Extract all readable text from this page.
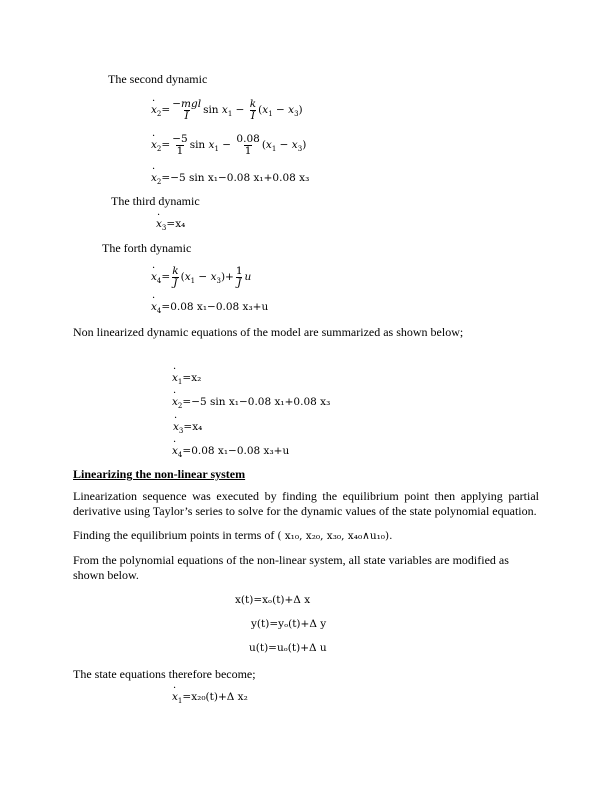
The second dynamic
· $x_2= \frac{\text{−mgl}}{I}$ $\sin x_1 - \frac{k}{I} (x_1 - x_3)$
· $x_2= \frac{-5}{1}$ $\sin x_1 - \frac{0.08}{1} (x_1 - x_3)$
· $x_2=-5$ sin x₁−0.08 x₁+0.08 x₃
The third dynamic
· $x_3=x_4$
The forth dynamic
· $x_4= \frac{k}{J} (x_1 - x_3)+ \frac{1}{J}$ u
· $x_4=0.08$ x₁−0.08 x₃+u
Non linearized dynamic equations of the model are summarized as shown below;
· $x_1=x_2$
· $x_2=-5$ sin x₁−0.08 x₁+0.08 x₃
· $x_3=x_4$
· $x_4=0.08$ x₁−0.08 x₃+u
Linearizing the non-linear system
Linearization sequence was executed by finding the equilibrium point then applying partial derivative using Taylor’s series to solve for the dynamic values of the state polynomial equation.
Finding the equilibrium points in terms of ( x₁₀, x₂₀, x₃₀, x₄₀∧u₁₀).
From the polynomial equations of the non-linear system, all state variables are modified as shown below.
x(t)=xₒ(t)+Δ x
y(t)=yₒ(t)+Δ y
u(t)=uₒ(t)+Δ u
The state equations therefore become;
· $x_1=x_{20}(t)+\Delta$ x₂
